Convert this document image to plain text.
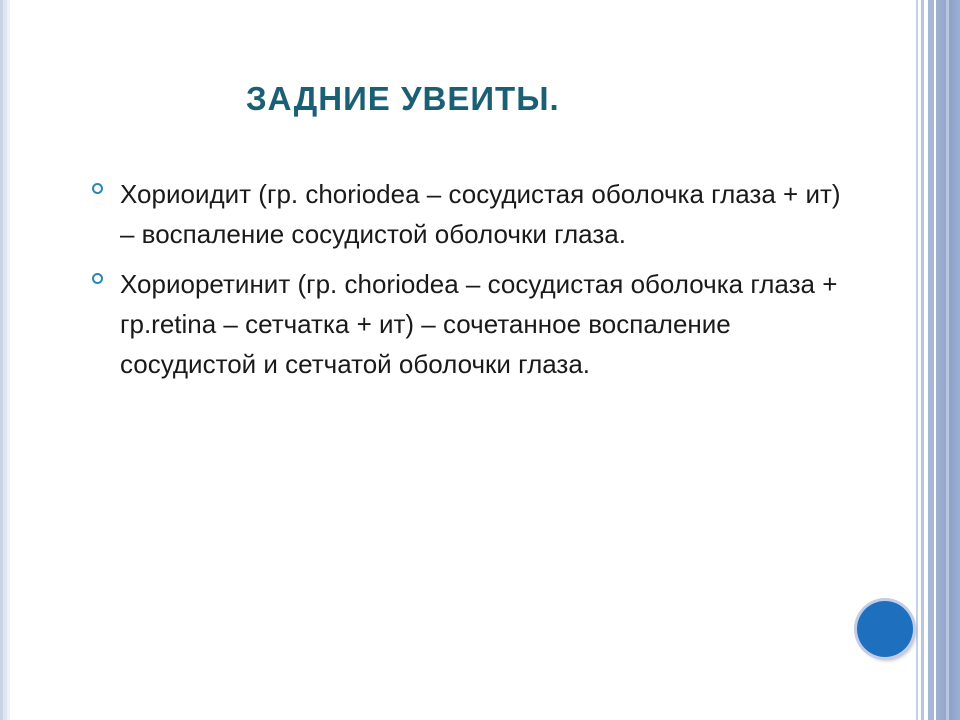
ЗАДНИЕ УВЕИТЫ.
Хориоидит (гр. choriodea – сосудистая оболочка глаза + ит) – воспаление сосудистой оболочки глаза.
Хориоретинит (гр. choriodea – сосудистая оболочка глаза + гр.retina – сетчатка + ит) – сочетанное воспаление сосудистой и сетчатой оболочки глаза.
